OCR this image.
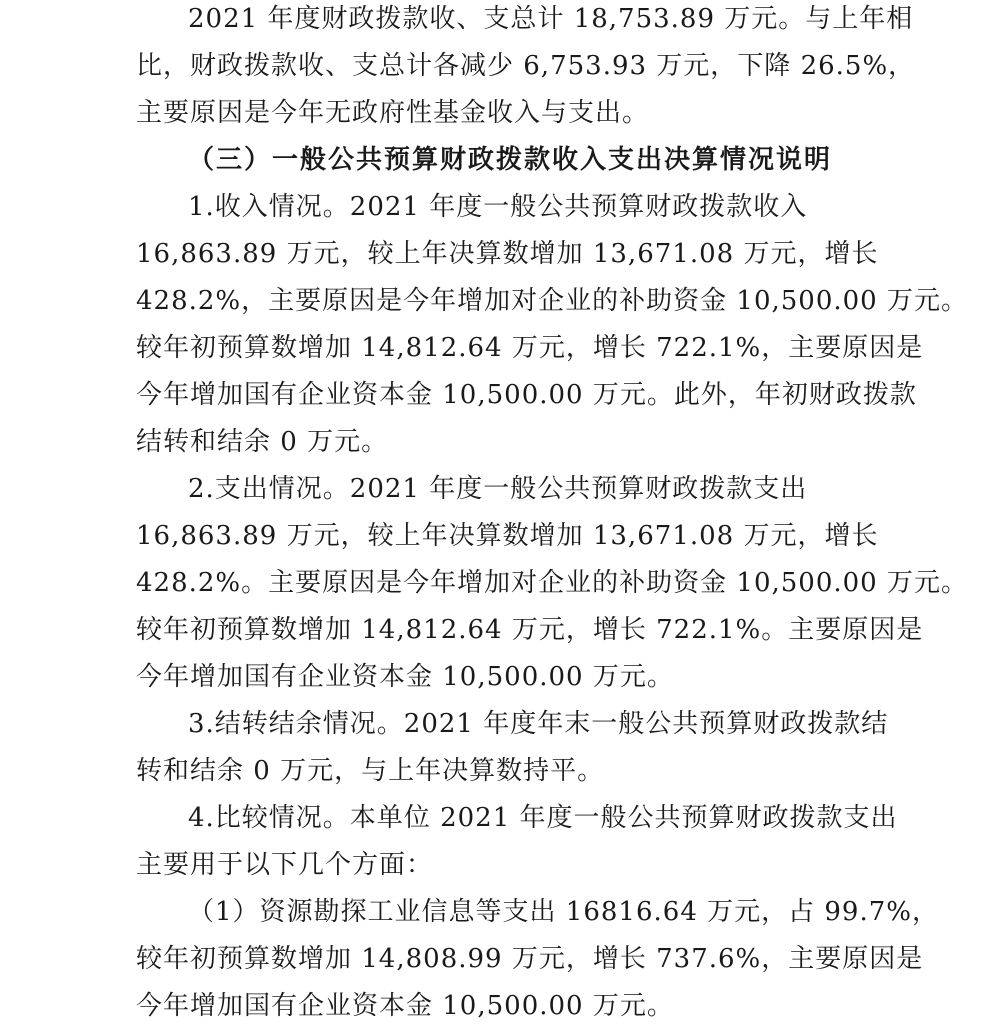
2021 年度财政拨款收、支总计 18,753.89 万元。与上年相
比，财政拨款收、支总计各减少 6,753.93 万元，下降 26.5%，
主要原因是今年无政府性基金收入与支出。
（三）一般公共预算财政拨款收入支出决算情况说明
1.收入情况。2021 年度一般公共预算财政拨款收入
16,863.89 万元，较上年决算数增加 13,671.08 万元，增长
428.2%，主要原因是今年增加对企业的补助资金 10,500.00 万元。
较年初预算数增加 14,812.64 万元，增长 722.1%，主要原因是
今年增加国有企业资本金 10,500.00 万元。此外，年初财政拨款
结转和结余 0 万元。
2.支出情况。2021 年度一般公共预算财政拨款支出
16,863.89 万元，较上年决算数增加 13,671.08 万元，增长
428.2%。主要原因是今年增加对企业的补助资金 10,500.00 万元。
较年初预算数增加 14,812.64 万元，增长 722.1%。主要原因是
今年增加国有企业资本金 10,500.00 万元。
3.结转结余情况。2021 年度年末一般公共预算财政拨款结
转和结余 0 万元，与上年决算数持平。
4.比较情况。本单位 2021 年度一般公共预算财政拨款支出
主要用于以下几个方面：
（1）资源勘探工业信息等支出 16816.64 万元，占 99.7%，
较年初预算数增加 14,808.99 万元，增长 737.6%，主要原因是
今年增加国有企业资本金 10,500.00 万元。
